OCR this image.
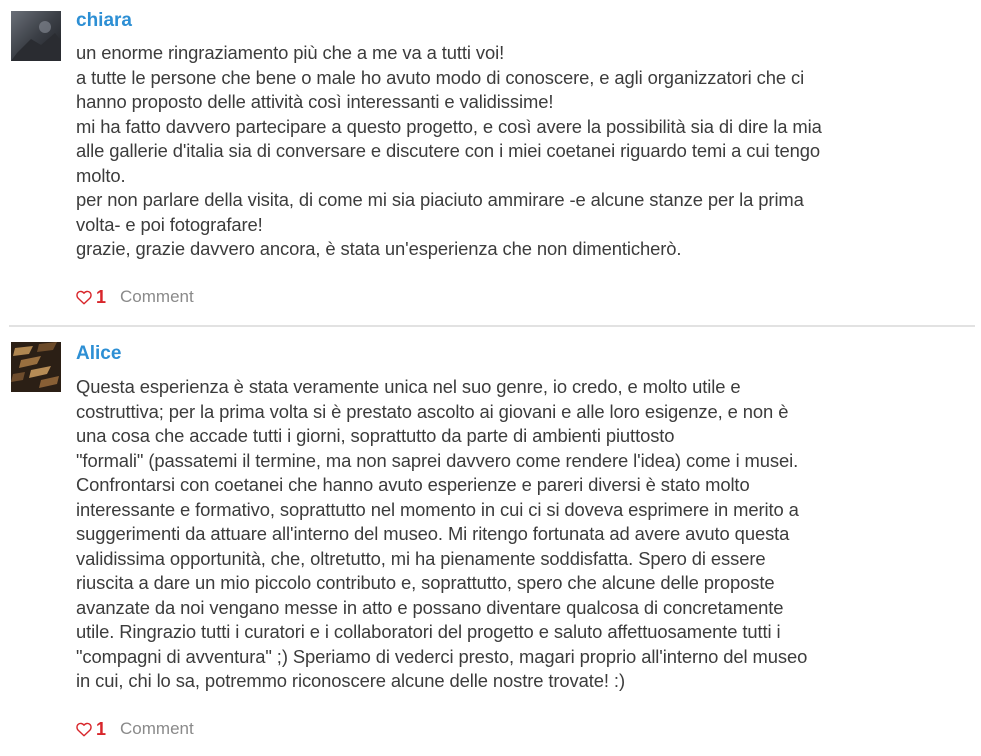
chiara
un enorme ringraziamento più che a me va a tutti voi!
a tutte le persone che bene o male ho avuto modo di conoscere, e agli organizzatori che ci
hanno proposto delle attività così interessanti e validissime!
mi ha fatto davvero partecipare a questo progetto, e così avere la possibilità sia di dire la mia
alle gallerie d'italia sia di conversare e discutere con i miei coetanei riguardo temi a cui tengo
molto.
per non parlare della visita, di come mi sia piaciuto ammirare -e alcune stanze per la prima
volta- e poi fotografare!
grazie, grazie davvero ancora, è stata un'esperienza che non dimenticherò.
1 Comment
Alice
Questa esperienza è stata veramente unica nel suo genre, io credo, e molto utile e
costruttiva; per la prima volta si è prestato ascolto ai giovani e alle loro esigenze, e non è
una cosa che accade tutti i giorni, soprattutto da parte di ambienti piuttosto
"formali" (passatemi il termine, ma non saprei davvero come rendere l'idea) come i musei.
Confrontarsi con coetanei che hanno avuto esperienze e pareri diversi è stato molto
interessante e formativo, soprattutto nel momento in cui ci si doveva esprimere in merito a
suggerimenti da attuare all'interno del museo. Mi ritengo fortunata ad avere avuto questa
validissima opportunità, che, oltretutto, mi ha pienamente soddisfatta. Spero di essere
riuscita a dare un mio piccolo contributo e, soprattutto, spero che alcune delle proposte
avanzate da noi vengano messe in atto e possano diventare qualcosa di concretamente
utile. Ringrazio tutti i curatori e i collaboratori del progetto e saluto affettuosamente tutti i
"compagni di avventura" ;) Speriamo di vederci presto, magari proprio all'interno del museo
in cui, chi lo sa, potremmo riconoscere alcune delle nostre trovate! :)
1 Comment
